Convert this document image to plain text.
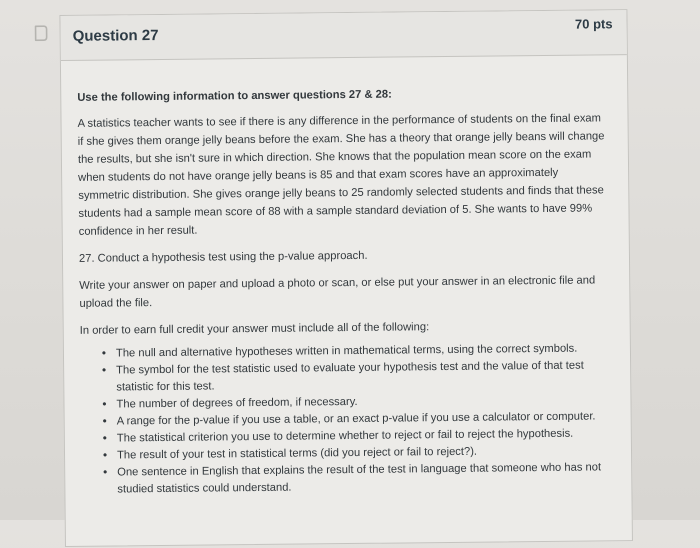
Question 27
70 pts

Use the following information to answer questions 27 & 28:

A statistics teacher wants to see if there is any difference in the performance of students on the final exam if she gives them orange jelly beans before the exam. She has a theory that orange jelly beans will change the results, but she isn't sure in which direction. She knows that the population mean score on the exam when students do not have orange jelly beans is 85 and that exam scores have an approximately symmetric distribution. She gives orange jelly beans to 25 randomly selected students and finds that these students had a sample mean score of 88 with a sample standard deviation of 5. She wants to have 99% confidence in her result.

27. Conduct a hypothesis test using the p-value approach.

Write your answer on paper and upload a photo or scan, or else put your answer in an electronic file and upload the file.

In order to earn full credit your answer must include all of the following:

• The null and alternative hypotheses written in mathematical terms, using the correct symbols.
• The symbol for the test statistic used to evaluate your hypothesis test and the value of that test statistic for this test.
• The number of degrees of freedom, if necessary.
• A range for the p-value if you use a table, or an exact p-value if you use a calculator or computer.
• The statistical criterion you use to determine whether to reject or fail to reject the hypothesis.
• The result of your test in statistical terms (did you reject or fail to reject?).
• One sentence in English that explains the result of the test in language that someone who has not studied statistics could understand.
